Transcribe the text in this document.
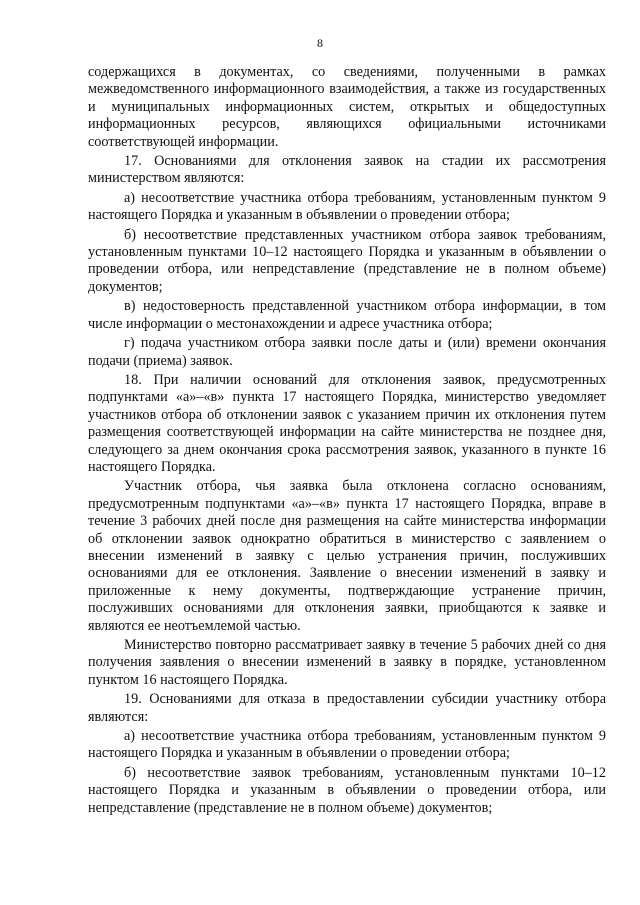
8

содержащихся в документах, со сведениями, полученными в рамках межведомственного информационного взаимодействия, а также из государственных и муниципальных информационных систем, открытых и общедоступных информационных ресурсов, являющихся официальными источниками соответствующей информации.

17. Основаниями для отклонения заявок на стадии их рассмотрения министерством являются:

а) несоответствие участника отбора требованиям, установленным пунктом 9 настоящего Порядка и указанным в объявлении о проведении отбора;

б) несоответствие представленных участником отбора заявок требованиям, установленным пунктами 10–12 настоящего Порядка и указанным в объявлении о проведении отбора, или непредставление (представление не в полном объеме) документов;

в) недостоверность представленной участником отбора информации, в том числе информации о местонахождении и адресе участника отбора;

г) подача участником отбора заявки после даты и (или) времени окончания подачи (приема) заявок.

18. При наличии оснований для отклонения заявок, предусмотренных подпунктами «а»–«в» пункта 17 настоящего Порядка, министерство уведомляет участников отбора об отклонении заявок с указанием причин их отклонения путем размещения соответствующей информации на сайте министерства не позднее дня, следующего за днем окончания срока рассмотрения заявок, указанного в пункте 16 настоящего Порядка.

Участник отбора, чья заявка была отклонена согласно основаниям, предусмотренным подпунктами «а»–«в» пункта 17 настоящего Порядка, вправе в течение 3 рабочих дней после дня размещения на сайте министерства информации об отклонении заявок однократно обратиться в министерство с заявлением о внесении изменений в заявку с целью устранения причин, послуживших основаниями для ее отклонения. Заявление о внесении изменений в заявку и приложенные к нему документы, подтверждающие устранение причин, послуживших основаниями для отклонения заявки, приобщаются к заявке и являются ее неотъемлемой частью.

Министерство повторно рассматривает заявку в течение 5 рабочих дней со дня получения заявления о внесении изменений в заявку в порядке, установленном пунктом 16 настоящего Порядка.

19. Основаниями для отказа в предоставлении субсидии участнику отбора являются:

а) несоответствие участника отбора требованиям, установленным пунктом 9 настоящего Порядка и указанным в объявлении о проведении отбора;

б) несоответствие заявок требованиям, установленным пунктами 10–12 настоящего Порядка и указанным в объявлении о проведении отбора, или непредставление (представление не в полном объеме) документов;
